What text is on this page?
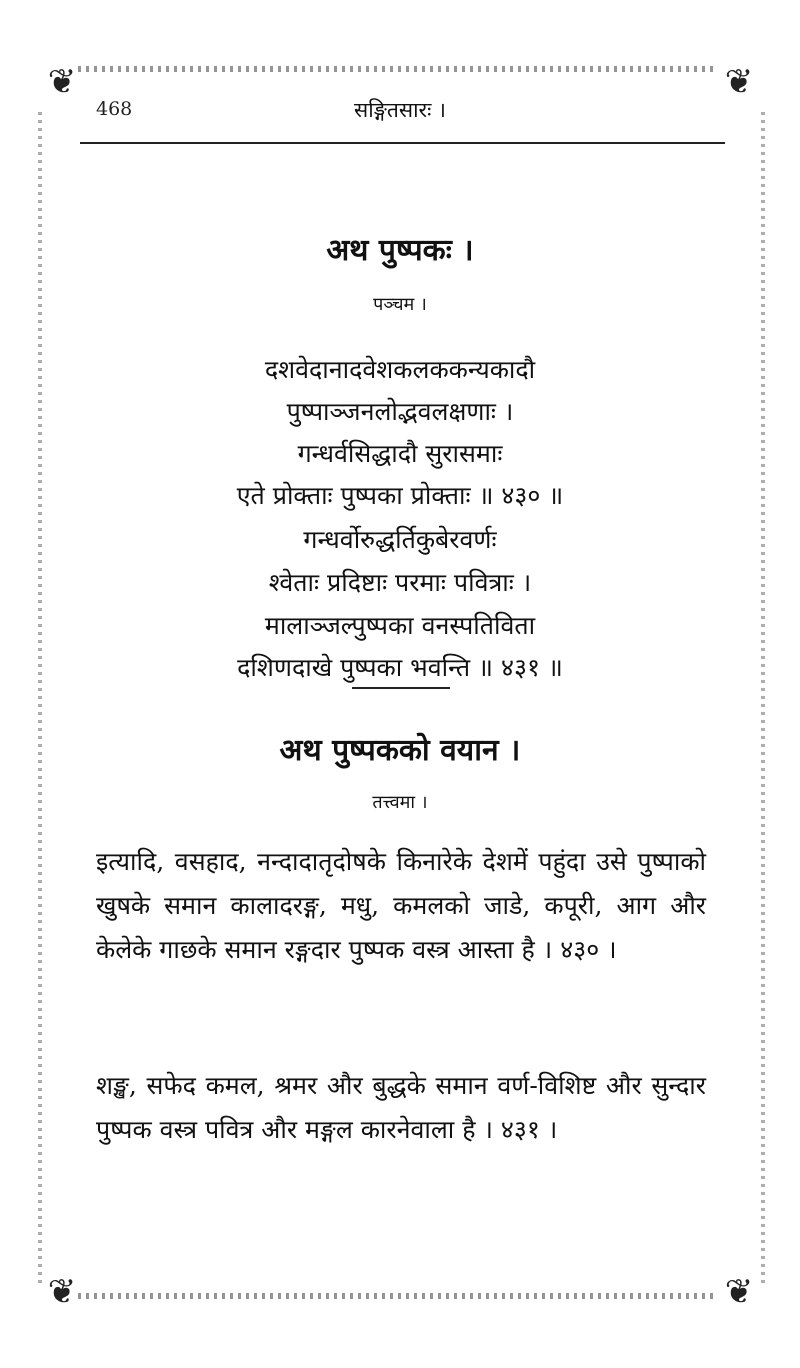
❦	❦
❦	❦
468	सङ्गितसारः ।
अथ पुष्पकः ।
पञ्चम ।
दशवेदानादवेशकलककन्यकादौ
पुष्पाञ्जनलोद्भवलक्षणाः ।
गन्धर्वसिद्धादौ सुरासमाः
एते प्रोक्ताः पुष्पका प्रोक्ताः ॥ ४३० ॥
गन्धर्वोरुद्धर्तिकुबेरवर्णः
श्वेताः प्रदिष्टाः परमाः पवित्राः ।
मालाञ्जल्पुष्पका वनस्पतिविता
दशिणदाखे पुष्पका भवन्ति ॥ ४३१ ॥
अथ पुष्पकको वयान ।
तत्त्वमा ।
इत्यादि, वसहाद, नन्दादातृदोषके किनारेके देशमें पहुंदा उसे पुष्पाको खुषके समान कालादरङ्ग, मधु, कमलको जाडे, कपूरी, आग और केलेके गाछके समान रङ्गदार पुष्पक वस्त्र आस्ता है । ४३० ।
शङ्ख, सफेद कमल, श्रमर और बुद्धके समान वर्ण-विशिष्ट और सुन्दार पुष्पक वस्त्र पवित्र और मङ्गल कारनेवाला है । ४३१ ।
